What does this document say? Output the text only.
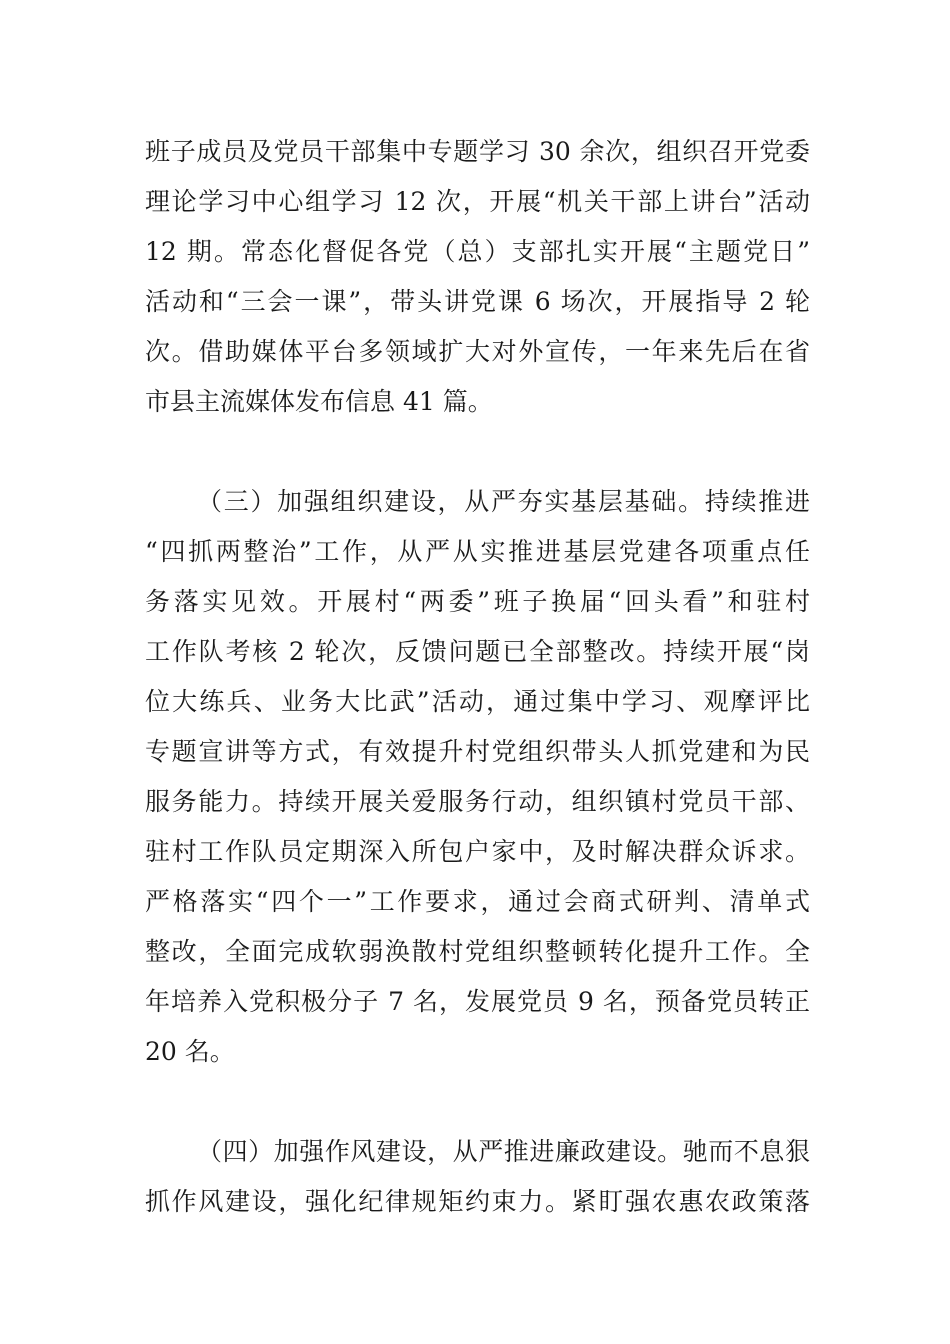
班子成员及党员干部集中专题学习 30 余次，组织召开党委
理论学习中心组学习 12 次，开展“机关干部上讲台”活动
12 期。常态化督促各党（总）支部扎实开展“主题党日”
活动和“三会一课”，带头讲党课 6 场次，开展指导 2 轮
次。借助媒体平台多领域扩大对外宣传，一年来先后在省
市县主流媒体发布信息 41 篇。
（三）加强组织建设，从严夯实基层基础。持续推进
“四抓两整治”工作，从严从实推进基层党建各项重点任
务落实见效。开展村“两委”班子换届“回头看”和驻村
工作队考核 2 轮次，反馈问题已全部整改。持续开展“岗
位大练兵、业务大比武”活动，通过集中学习、观摩评比
专题宣讲等方式，有效提升村党组织带头人抓党建和为民
服务能力。持续开展关爱服务行动，组织镇村党员干部、
驻村工作队员定期深入所包户家中，及时解决群众诉求。
严格落实“四个一”工作要求，通过会商式研判、清单式
整改，全面完成软弱涣散村党组织整顿转化提升工作。全
年培养入党积极分子 7 名，发展党员 9 名，预备党员转正
20 名。
（四）加强作风建设，从严推进廉政建设。驰而不息狠
抓作风建设，强化纪律规矩约束力。紧盯强农惠农政策落
